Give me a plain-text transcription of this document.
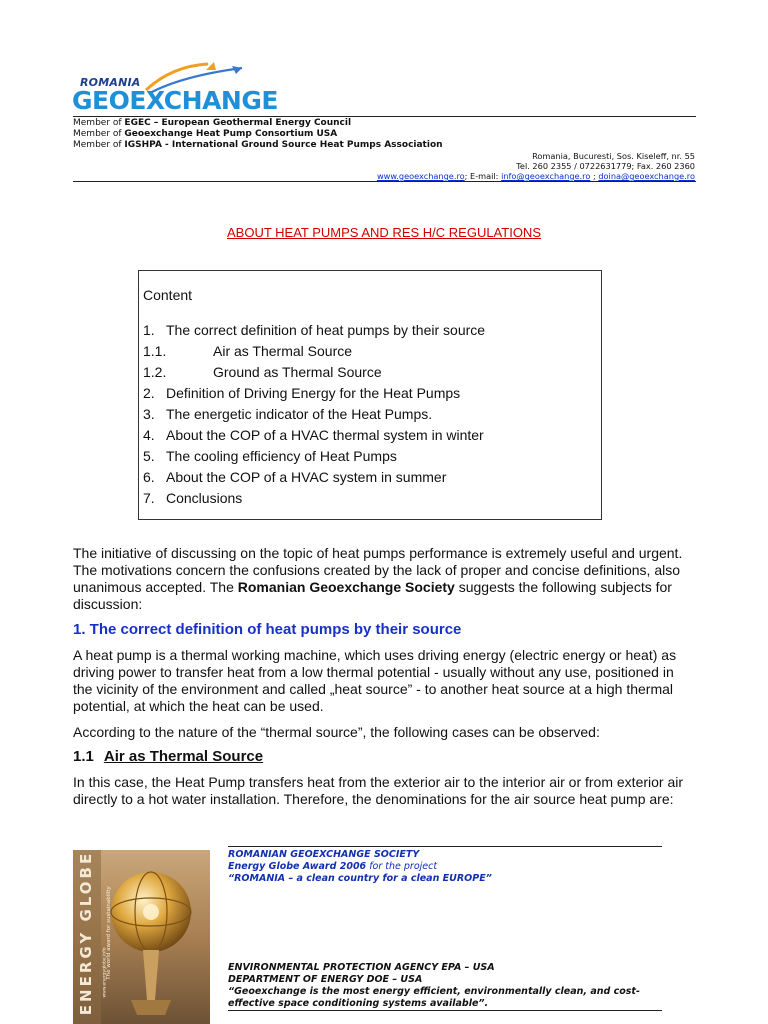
ROMANIA
GEOEXCHANGE
Member of EGEC – European Geothermal Energy Council
Member of Geoexchange Heat Pump Consortium USA
Member of IGSHPA - International Ground Source Heat Pumps Association
Romania, Bucuresti, Sos. Kiseleff, nr. 55
Tel. 260 2355 / 0722631779; Fax. 260 2360
www.geoexchange.ro; E-mail: info@geoexchange.ro ; doina@geoexchange.ro
ABOUT HEAT PUMPS AND RES H/C REGULATIONS
Content
1. The correct definition of heat pumps by their source
1.1.	Air as Thermal Source
1.2.	Ground as Thermal Source
2. Definition of Driving Energy for the Heat Pumps
3. The energetic indicator of the Heat Pumps.
4. About the COP of a HVAC thermal system in winter
5. The cooling efficiency of Heat Pumps
6. About the COP of a HVAC system in summer
7. Conclusions
The initiative of discussing on the topic of heat pumps performance is extremely useful and urgent. The motivations concern the confusions created by the lack of proper and concise definitions, also unanimous accepted. The Romanian Geoexchange Society suggests the following subjects for discussion:
1. The correct definition of heat pumps by their source
A heat pump is a thermal working machine, which uses driving energy (electric energy or heat) as driving power to transfer heat from a low thermal potential - usually without any use, positioned in the vicinity of the environment and called „heat source” - to another heat source at a high thermal potential, at which the heat can be used.
According to the nature of the “thermal source”, the following cases can be observed:
1.1 Air as Thermal Source
In this case, the Heat Pump transfers heat from the exterior air to the interior air or from exterior air directly to a hot water installation. Therefore, the denominations for the air source heat pump are:
ENERGY GLOBE The world award for sustainability
www.energyglobe.info
ROMANIAN GEOEXCHANGE SOCIETY
Energy Globe Award 2006 for the project
“ROMANIA – a clean country for a clean EUROPE”
ENVIRONMENTAL PROTECTION AGENCY EPA – USA
DEPARTMENT OF ENERGY DOE – USA
“Geoexchange is the most energy efficient, environmentally clean, and cost-effective space conditioning systems available”.
